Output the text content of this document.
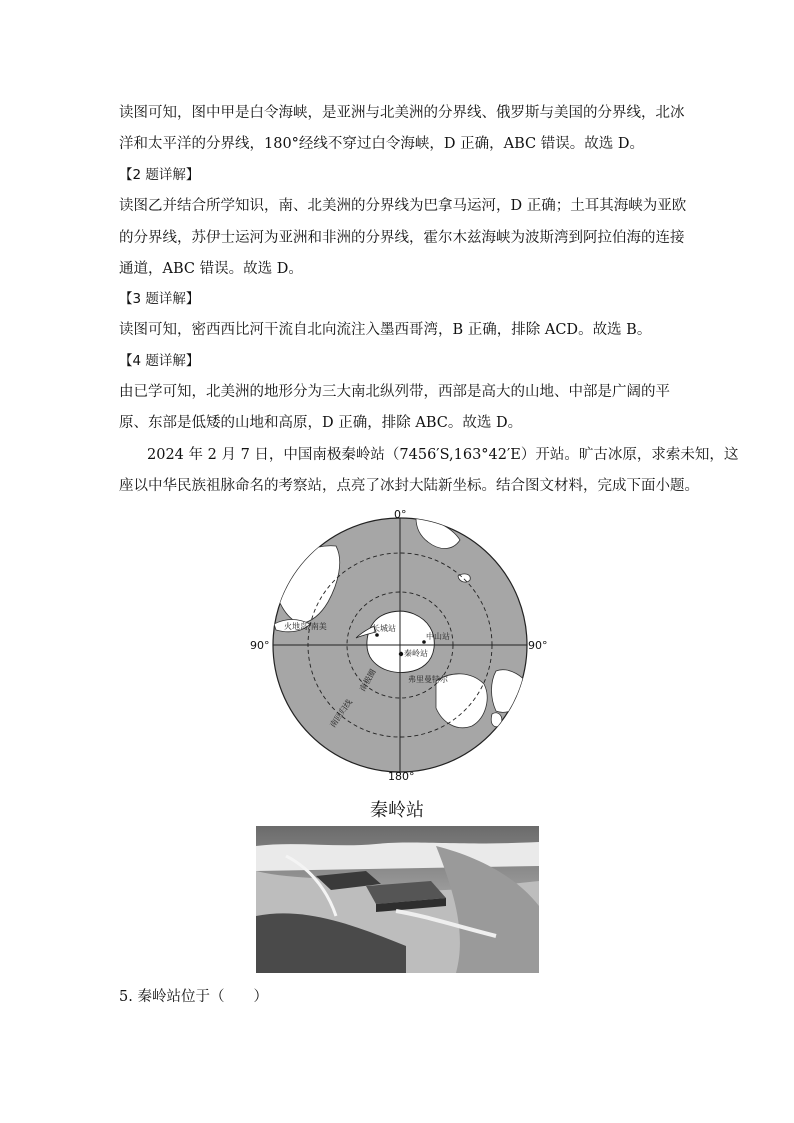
读图可知，图中甲是白令海峡，是亚洲与北美洲的分界线、俄罗斯与美国的分界线，北冰
洋和太平洋的分界线，180°经线不穿过白令海峡，D 正确，ABC 错误。故选 D。
【2 题详解】
读图乙并结合所学知识，南、北美洲的分界线为巴拿马运河，D 正确；土耳其海峡为亚欧
的分界线，苏伊士运河为亚洲和非洲的分界线，霍尔木兹海峡为波斯湾到阿拉伯海的连接
通道，ABC 错误。故选 D。
【3 题详解】
读图可知，密西西比河干流自北向流注入墨西哥湾，B 正确，排除 ACD。故选 B。
【4 题详解】
由已学可知，北美洲的地形分为三大南北纵列带，西部是高大的山地、中部是广阔的平
原、东部是低矮的山地和高原，D 正确，排除 ABC。故选 D。
2024 年 2 月 7 日，中国南极秦岭站（7456′S,163°42′E）开站。旷古冰原，求索未知，这
座以中华民族祖脉命名的考察站，点亮了冰封大陆新坐标。结合图文材料，完成下面小题。
0°
180°
90°	90°
长城站
中山站
秦岭站
火地岛/南美
弗里曼特尔
南极圈
南回归线
秦岭站
5. 秦岭站位于（　　）
